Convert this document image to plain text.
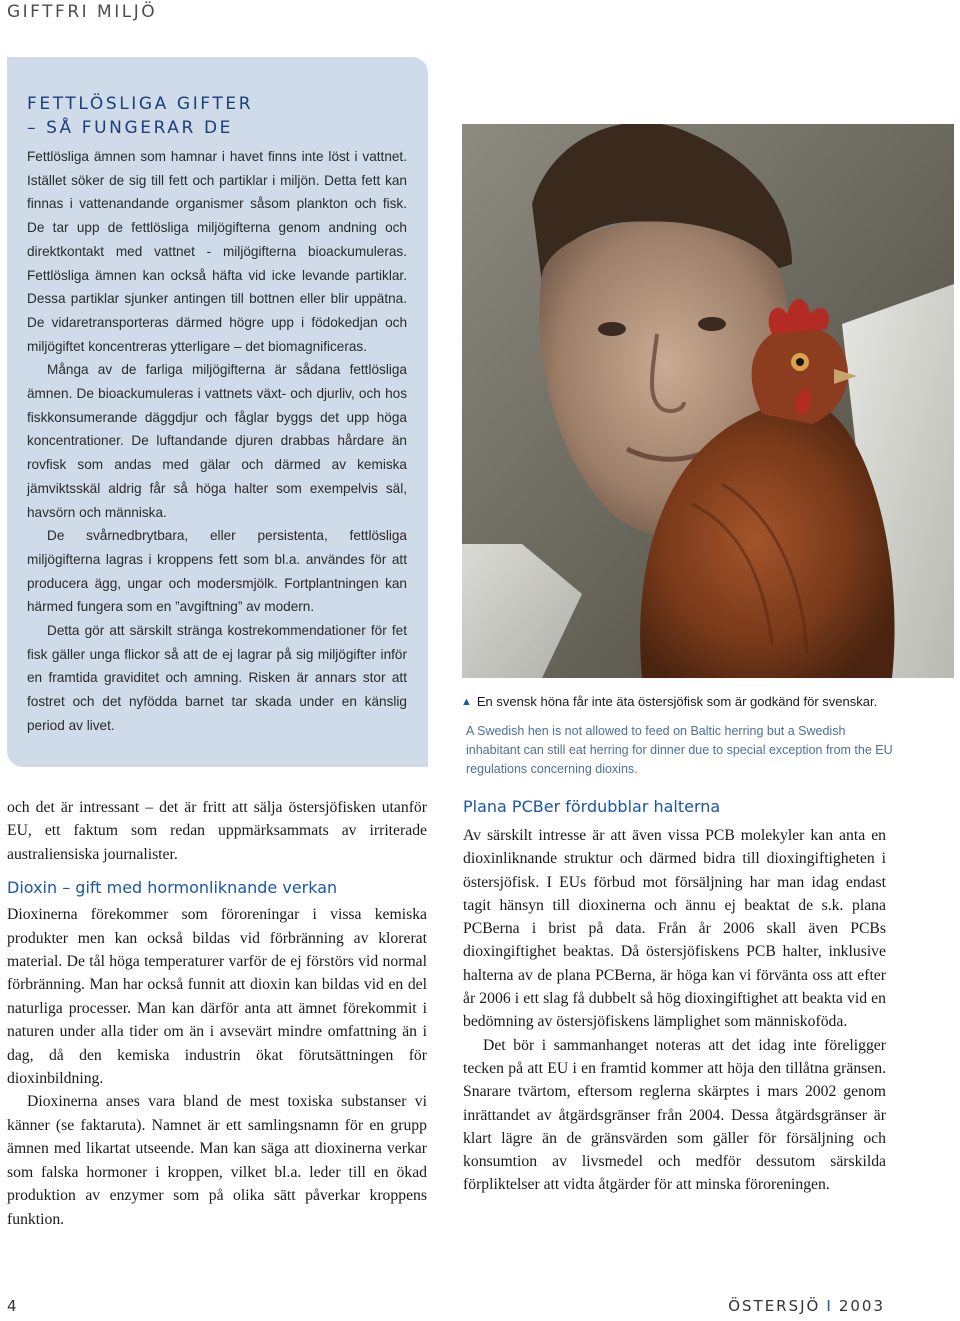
GIFTFRI MILJÖ
FETTLÖSLIGA GIFTER
– SÅ FUNGERAR DE

Fettlösliga ämnen som hamnar i havet finns inte löst i vattnet. Istället söker de sig till fett och partiklar i miljön. Detta fett kan finnas i vattenandande organismer såsom plankton och fisk. De tar upp de fettlösliga miljögifterna genom andning och direktkontakt med vattnet - miljögifterna bioackumuleras. Fettlösliga ämnen kan också häfta vid icke levande partiklar. Dessa partiklar sjunker antingen till bottnen eller blir uppätna. De vidaretransporteras därmed högre upp i födokedjan och miljögiftet koncentreras ytterligare – det biomagnificeras.

Många av de farliga miljögifterna är sådana fettlösliga ämnen. De bioackumuleras i vattnets växt- och djurliv, och hos fiskkonsumerande däggdjur och fåglar byggs det upp höga koncentrationer. De luftandande djuren drabbas hårdare än rovfisk som andas med gälar och därmed av kemiska jämviktsskäl aldrig får så höga halter som exempelvis säl, havsörn och människa.

De svårnedbrytbara, eller persistenta, fettlösliga miljögifterna lagras i kroppens fett som bl.a. användes för att producera ägg, ungar och modersmjölk. Fortplantningen kan härmed fungera som en ”avgiftning” av modern.

Detta gör att särskilt stränga kostrekommendationer för fet fisk gäller unga flickor så att de ej lagrar på sig miljögifter inför en framtida graviditet och amning. Risken är annars stor att fostret och det nyfödda barnet tar skada under en känslig period av livet.

▲ En svensk höna får inte äta östersjöfisk som är godkänd för svenskar.
A Swedish hen is not allowed to feed on Baltic herring but a Swedish inhabitant can still eat herring for dinner due to special exception from the EU regulations concerning dioxins.

och det är intressant – det är fritt att sälja östersjöfisken utanför EU, ett faktum som redan uppmärksammats av irriterade australiensiska journalister.

Dioxin – gift med hormonliknande verkan

Dioxinerna förekommer som föroreningar i vissa kemiska produkter men kan också bildas vid förbränning av klorerat material. De tål höga temperaturer varför de ej förstörs vid normal förbränning. Man har också funnit att dioxin kan bildas vid en del naturliga processer. Man kan därför anta att ämnet förekommit i naturen under alla tider om än i avsevärt mindre omfattning än i dag, då den kemiska industrin ökat förutsättningen för dioxinbildning.

Dioxinerna anses vara bland de mest toxiska substanser vi känner (se faktaruta). Namnet är ett samlingsnamn för en grupp ämnen med likartat utseende. Man kan säga att dioxinerna verkar som falska hormoner i kroppen, vilket bl.a. leder till en ökad produktion av enzymer som på olika sätt påverkar kroppens funktion.

Plana PCBer fördubblar halterna

Av särskilt intresse är att även vissa PCB molekyler kan anta en dioxinliknande struktur och därmed bidra till dioxingiftigheten i östersjöfisk. I EUs förbud mot försäljning har man idag endast tagit hänsyn till dioxinerna och ännu ej beaktat de s.k. plana PCBerna i brist på data. Från år 2006 skall även PCBs dioxingiftighet beaktas. Då östersjöfiskens PCB halter, inklusive halterna av de plana PCBerna, är höga kan vi förvänta oss att efter år 2006 i ett slag få dubbelt så hög dioxingiftighet att beakta vid en bedömning av östersjöfiskens lämplighet som människoföda.

Det bör i sammanhanget noteras att det idag inte föreligger tecken på att EU i en framtid kommer att höja den tillåtna gränsen. Snarare tvärtom, eftersom reglerna skärptes i mars 2002 genom inrättandet av åtgärdsgränser från 2004. Dessa åtgärdsgränser är klart lägre än de gränsvärden som gäller för försäljning och konsumtion av livsmedel och medför dessutom särskilda förpliktelser att vidta åtgärder för att minska föroreningen.

4	ÖSTERSJÖ I 2003
